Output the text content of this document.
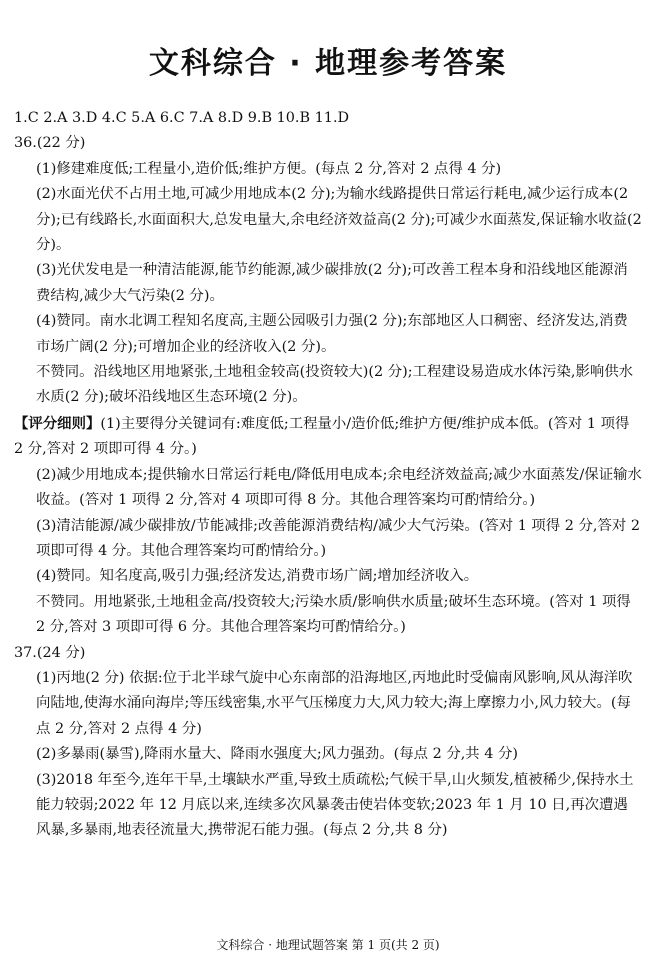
文科综合 · 地理参考答案

1.C 2.A 3.D 4.C 5.A 6.C 7.A 8.D 9.B 10.B 11.D

36.(22 分)

(1)修建难度低;工程量小,造价低;维护方便。(每点 2 分,答对 2 点得 4 分)

(2)水面光伏不占用土地,可减少用地成本(2 分);为输水线路提供日常运行耗电,减少运行成本(2 分);已有线路长,水面面积大,总发电量大,余电经济效益高(2 分);可减少水面蒸发,保证输水收益(2 分)。

(3)光伏发电是一种清洁能源,能节约能源,减少碳排放(2 分);可改善工程本身和沿线地区能源消费结构,减少大气污染(2 分)。

(4)赞同。南水北调工程知名度高,主题公园吸引力强(2 分);东部地区人口稠密、经济发达,消费市场广阔(2 分);可增加企业的经济收入(2 分)。

不赞同。沿线地区用地紧张,土地租金较高(投资较大)(2 分);工程建设易造成水体污染,影响供水水质(2 分);破坏沿线地区生态环境(2 分)。

【评分细则】(1)主要得分关键词有:难度低;工程量小/造价低;维护方便/维护成本低。(答对 1 项得 2 分,答对 2 项即可得 4 分。)

(2)减少用地成本;提供输水日常运行耗电/降低用电成本;余电经济效益高;减少水面蒸发/保证输水收益。(答对 1 项得 2 分,答对 4 项即可得 8 分。其他合理答案均可酌情给分。)

(3)清洁能源/减少碳排放/节能减排;改善能源消费结构/减少大气污染。(答对 1 项得 2 分,答对 2 项即可得 4 分。其他合理答案均可酌情给分。)

(4)赞同。知名度高,吸引力强;经济发达,消费市场广阔;增加经济收入。

不赞同。用地紧张,土地租金高/投资较大;污染水质/影响供水质量;破坏生态环境。(答对 1 项得 2 分,答对 3 项即可得 6 分。其他合理答案均可酌情给分。)

37.(24 分)

(1)丙地(2 分) 依据:位于北半球气旋中心东南部的沿海地区,丙地此时受偏南风影响,风从海洋吹向陆地,使海水涌向海岸;等压线密集,水平气压梯度力大,风力较大;海上摩擦力小,风力较大。(每点 2 分,答对 2 点得 4 分)

(2)多暴雨(暴雪),降雨水量大、降雨水强度大;风力强劲。(每点 2 分,共 4 分)

(3)2018 年至今,连年干旱,土壤缺水严重,导致土质疏松;气候干旱,山火频发,植被稀少,保持水土能力较弱;2022 年 12 月底以来,连续多次风暴袭击使岩体变软;2023 年 1 月 10 日,再次遭遇风暴,多暴雨,地表径流量大,携带泥石能力强。(每点 2 分,共 8 分)

文科综合 · 地理试题答案 第 1 页(共 2 页)
